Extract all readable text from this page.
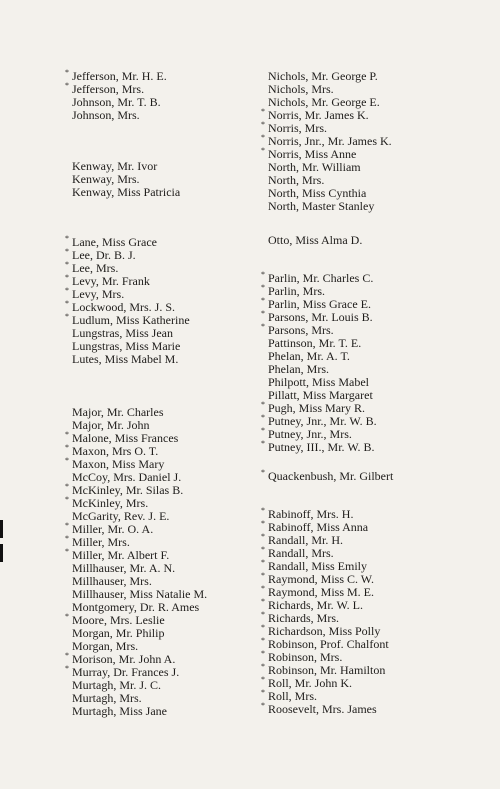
* Jefferson, Mr. H. E.
* Jefferson, Mrs.
Johnson, Mr. T. B.
Johnson, Mrs.
Kenway, Mr. Ivor
Kenway, Mrs.
Kenway, Miss Patricia
* Lane, Miss Grace
* Lee, Dr. B. J.
* Lee, Mrs.
* Levy, Mr. Frank
* Levy, Mrs.
* Lockwood, Mrs. J. S.
* Ludlum, Miss Katherine
Lungstras, Miss Jean
Lungstras, Miss Marie
Lutes, Miss Mabel M.
Major, Mr. Charles
Major, Mr. John
* Malone, Miss Frances
* Maxon, Mrs O. T.
* Maxon, Miss Mary
McCoy, Mrs. Daniel J.
* McKinley, Mr. Silas B.
* McKinley, Mrs.
McGarity, Rev. J. E.
* Miller, Mr. O. A.
* Miller, Mrs.
* Miller, Mr. Albert F.
Millhauser, Mr. A. N.
Millhauser, Mrs.
Millhauser, Miss Natalie M.
Montgomery, Dr. R. Ames
* Moore, Mrs. Leslie
Morgan, Mr. Philip
Morgan, Mrs.
* Morison, Mr. John A.
* Murray, Dr. Frances J.
Murtagh, Mr. J. C.
Murtagh, Mrs.
Murtagh, Miss Jane
Nichols, Mr. George P.
Nichols, Mrs.
Nichols, Mr. George E.
* Norris, Mr. James K.
* Norris, Mrs.
* Norris, Jnr., Mr. James K.
* Norris, Miss Anne
North, Mr. William
North, Mrs.
North, Miss Cynthia
North, Master Stanley
Otto, Miss Alma D.
* Parlin, Mr. Charles C.
* Parlin, Mrs.
* Parlin, Miss Grace E.
* Parsons, Mr. Louis B.
* Parsons, Mrs.
Pattinson, Mr. T. E.
Phelan, Mr. A. T.
Phelan, Mrs.
Philpott, Miss Mabel
Pillatt, Miss Margaret
* Pugh, Miss Mary R.
* Putney, Jnr., Mr. W. B.
* Putney, Jnr., Mrs.
* Putney, III., Mr. W. B.
* Quackenbush, Mr. Gilbert
* Rabinoff, Mrs. H.
* Rabinoff, Miss Anna
* Randall, Mr. H.
* Randall, Mrs.
* Randall, Miss Emily
* Raymond, Miss C. W.
* Raymond, Miss M. E.
* Richards, Mr. W. L.
* Richards, Mrs.
* Richardson, Miss Polly
* Robinson, Prof. Chalfont
* Robinson, Mrs.
* Robinson, Mr. Hamilton
* Roll, Mr. John K.
* Roll, Mrs.
* Roosevelt, Mrs. James
